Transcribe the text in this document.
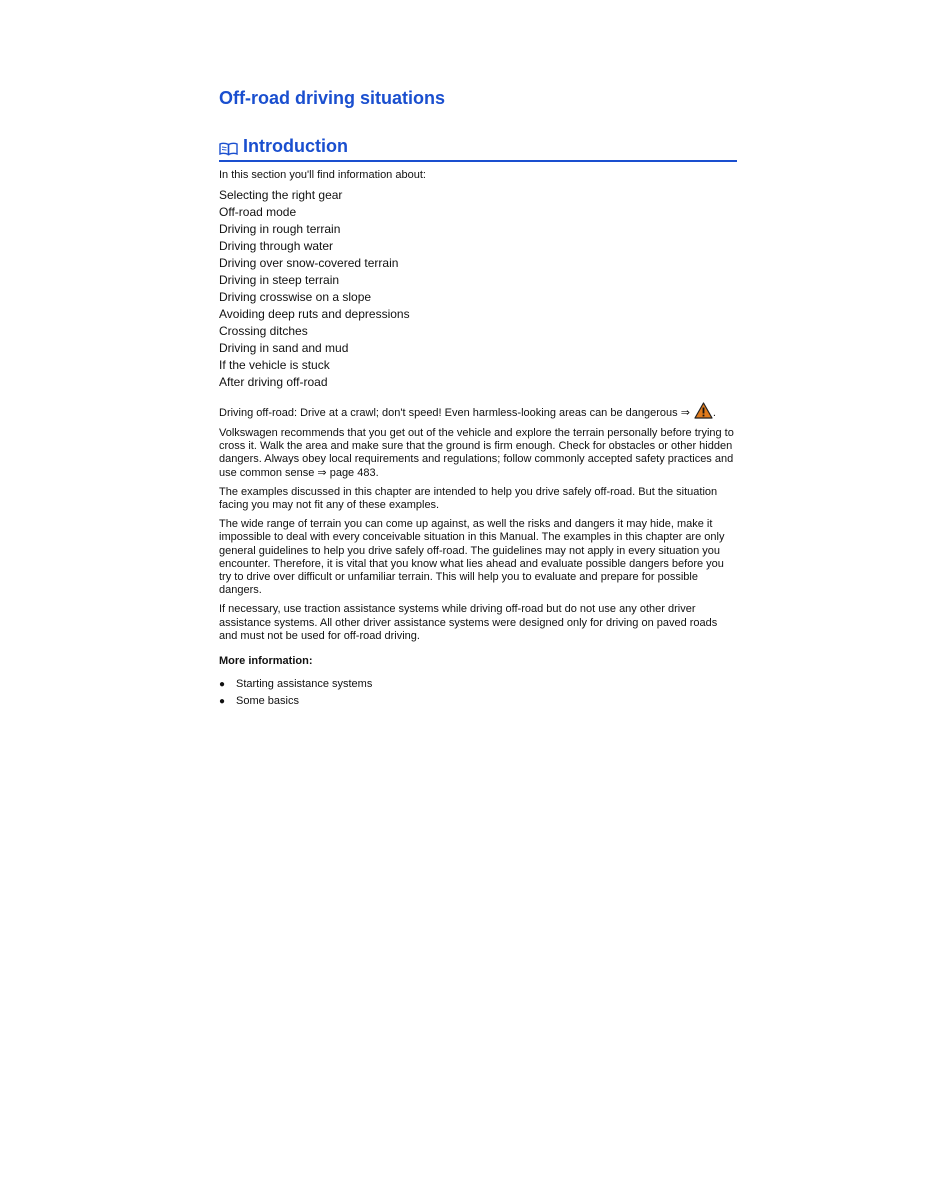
Off-road driving situations
Introduction
In this section you'll find information about:
Selecting the right gear
Off-road mode
Driving in rough terrain
Driving through water
Driving over snow-covered terrain
Driving in steep terrain
Driving crosswise on a slope
Avoiding deep ruts and depressions
Crossing ditches
Driving in sand and mud
If the vehicle is stuck
After driving off-road
Driving off-road: Drive at a crawl; don't speed! Even harmless-looking areas can be dangerous ⇒ .

Volkswagen recommends that you get out of the vehicle and explore the terrain personally before trying to cross it. Walk the area and make sure that the ground is firm enough. Check for obstacles or other hidden dangers. Always obey local requirements and regulations; follow commonly accepted safety practices and use common sense ⇒ page 483.

The examples discussed in this chapter are intended to help you drive safely off-road. But the situation facing you may not fit any of these examples.

The wide range of terrain you can come up against, as well the risks and dangers it may hide, make it impossible to deal with every conceivable situation in this Manual. The examples in this chapter are only general guidelines to help you drive safely off-road. The guidelines may not apply in every situation you encounter. Therefore, it is vital that you know what lies ahead and evaluate possible dangers before you try to drive over difficult or unfamiliar terrain. This will help you to evaluate and prepare for possible dangers.

If necessary, use traction assistance systems while driving off-road but do not use any other driver assistance systems. All other driver assistance systems were designed only for driving on paved roads and must not be used for off-road driving.

More information:
● Starting assistance systems
● Some basics
